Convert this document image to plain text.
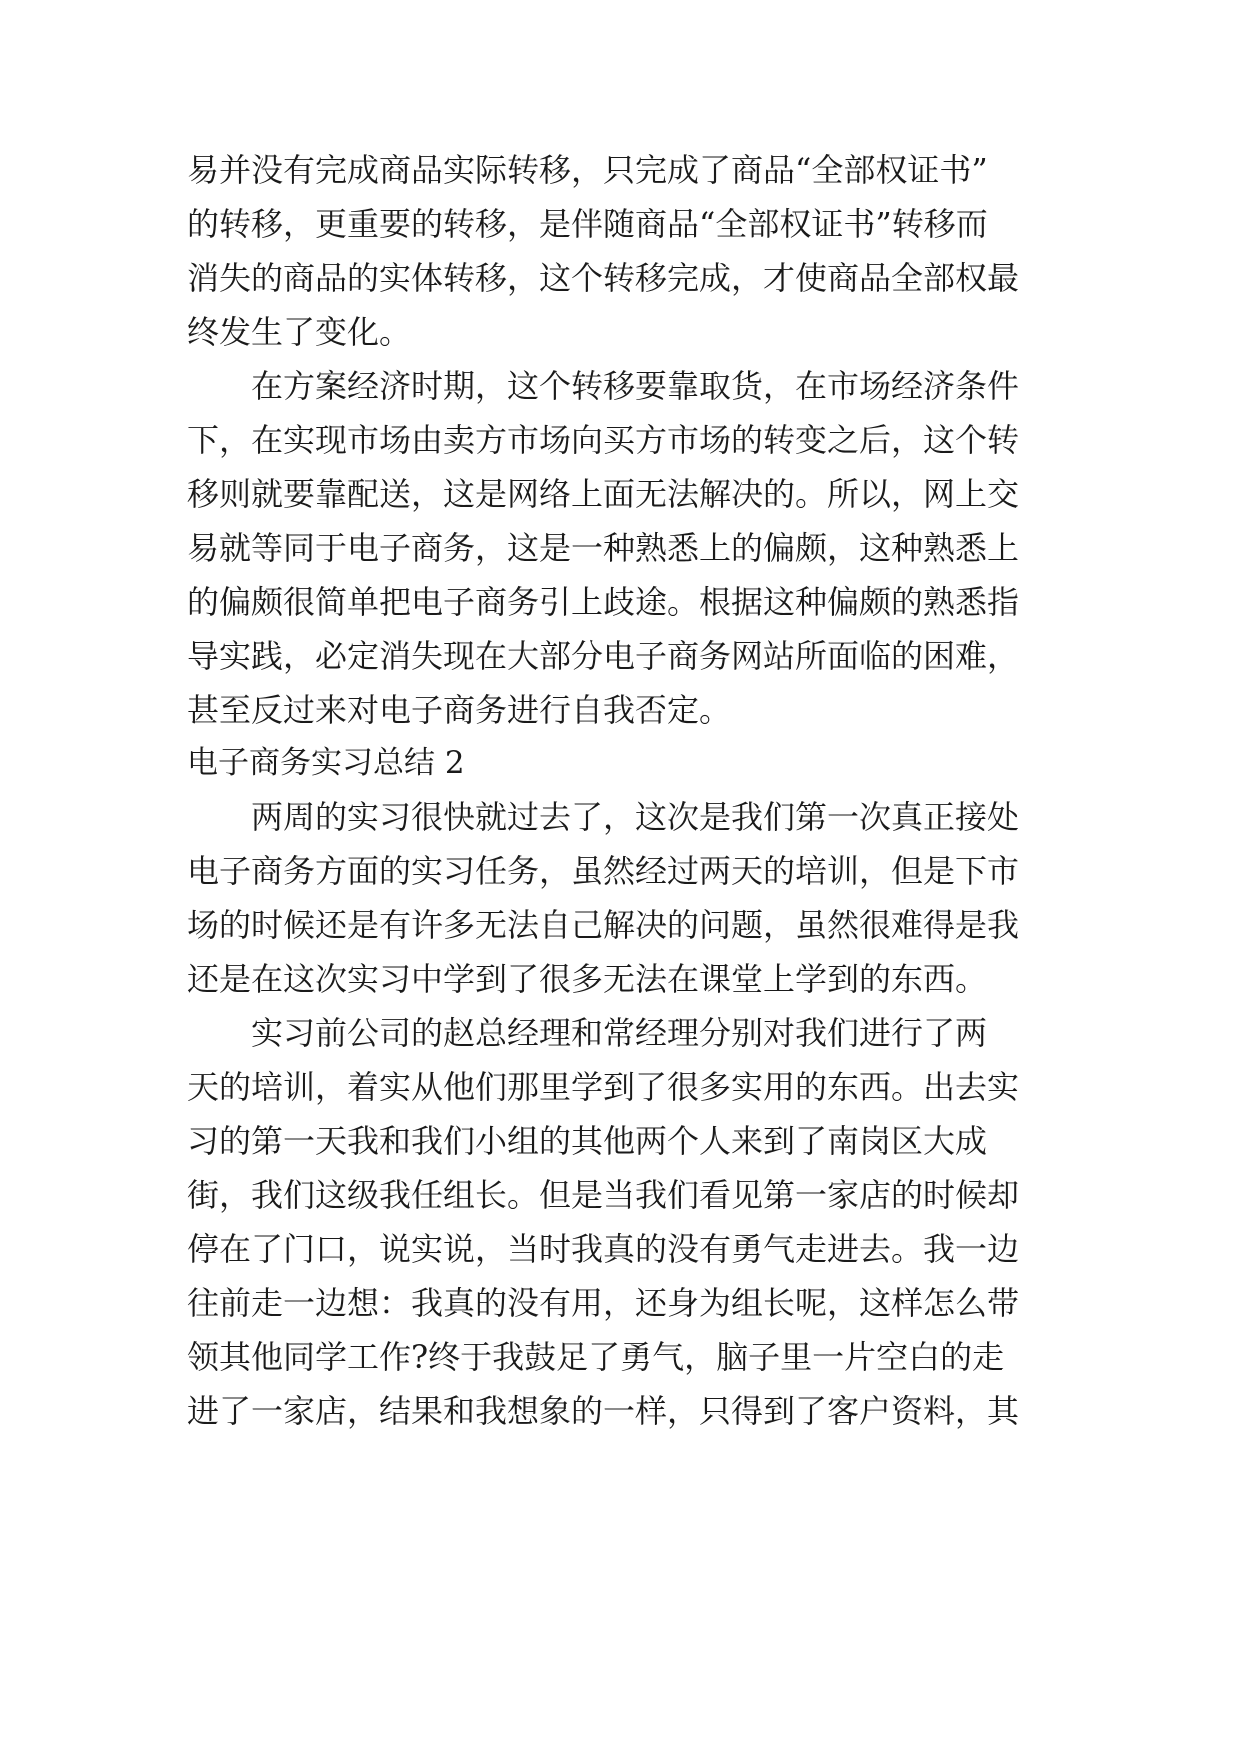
易并没有完成商品实际转移，只完成了商品“全部权证书”
的转移，更重要的转移，是伴随商品“全部权证书”转移而
消失的商品的实体转移，这个转移完成，才使商品全部权最
终发生了变化。
在方案经济时期，这个转移要靠取货，在市场经济条件
下，在实现市场由卖方市场向买方市场的转变之后，这个转
移则就要靠配送，这是网络上面无法解决的。所以，网上交
易就等同于电子商务，这是一种熟悉上的偏颇，这种熟悉上
的偏颇很简单把电子商务引上歧途。根据这种偏颇的熟悉指
导实践，必定消失现在大部分电子商务网站所面临的困难，
甚至反过来对电子商务进行自我否定。
电子商务实习总结 2
两周的实习很快就过去了，这次是我们第一次真正接处
电子商务方面的实习任务，虽然经过两天的培训，但是下市
场的时候还是有许多无法自己解决的问题，虽然很难得是我
还是在这次实习中学到了很多无法在课堂上学到的东西。
实习前公司的赵总经理和常经理分别对我们进行了两
天的培训，着实从他们那里学到了很多实用的东西。出去实
习的第一天我和我们小组的其他两个人来到了南岗区大成
街，我们这级我任组长。但是当我们看见第一家店的时候却
停在了门口，说实说，当时我真的没有勇气走进去。我一边
往前走一边想：我真的没有用，还身为组长呢，这样怎么带
领其他同学工作?终于我鼓足了勇气，脑子里一片空白的走
进了一家店，结果和我想象的一样，只得到了客户资料，其
